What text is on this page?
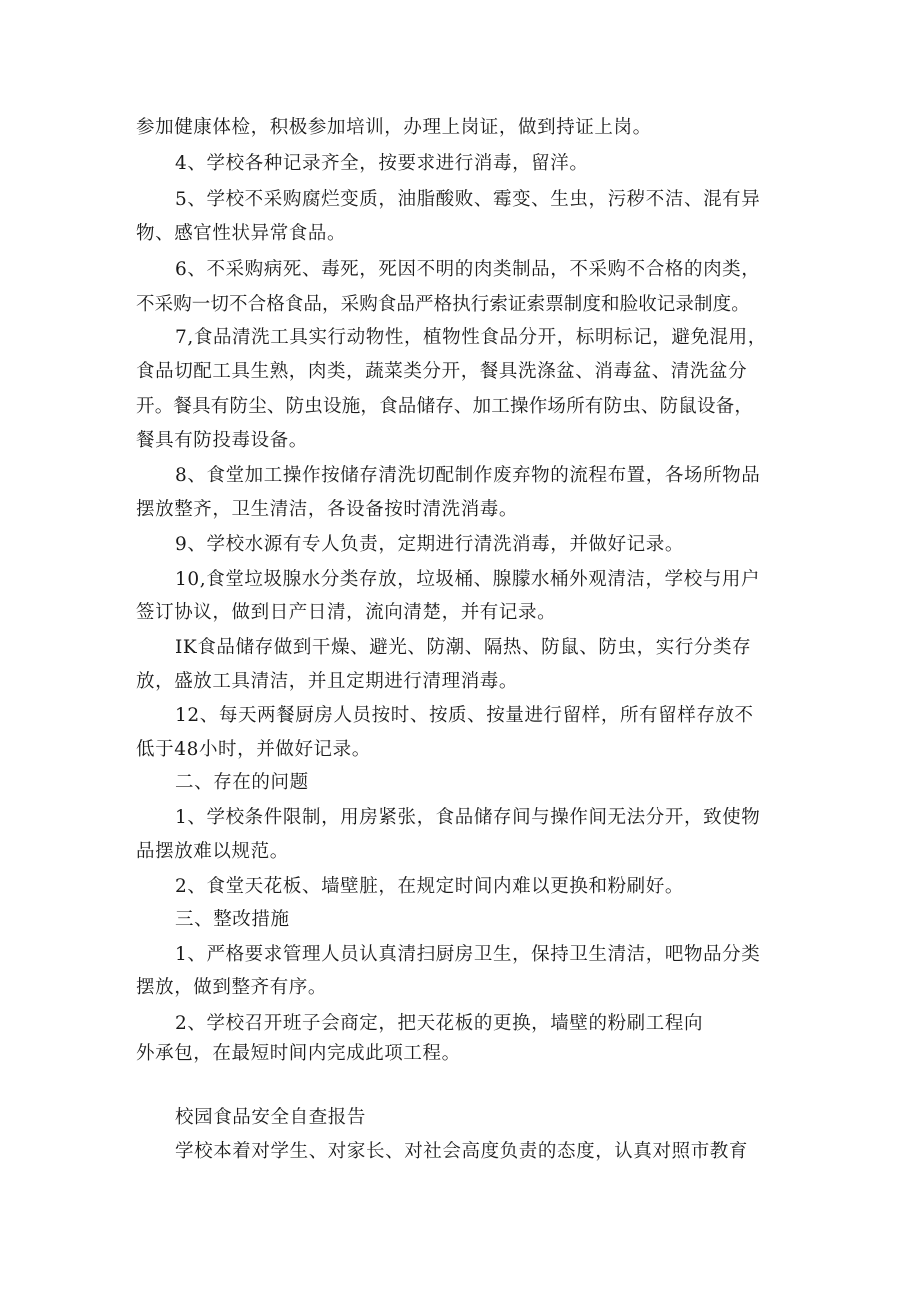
参加健康体检，积极参加培训，办理上岗证，做到持证上岗。
4、学校各种记录齐全，按要求进行消毒，留洋。
5、学校不采购腐烂变质，油脂酸败、霉变、生虫，污秽不洁、混有异
物、感官性状异常食品。
6、不采购病死、毒死，死因不明的肉类制品，不采购不合格的肉类，
不采购一切不合格食品，采购食品严格执行索证索票制度和脸收记录制度。
7,食品清洗工具实行动物性，植物性食品分开，标明标记，避免混用，
食品切配工具生熟，肉类，蔬菜类分开，餐具洗涤盆、消毒盆、清洗盆分
开。餐具有防尘、防虫设施，食品储存、加工操作场所有防虫、防鼠设备，
餐具有防投毒设备。
8、食堂加工操作按储存清洗切配制作废弃物的流程布置，各场所物品
摆放整齐，卫生清洁，各设备按时清洗消毒。
9、学校水源有专人负责，定期进行清洗消毒，并做好记录。
10,食堂垃圾腺水分类存放，垃圾桶、腺朦水桶外观清洁，学校与用户
签订协议，做到日产日清，流向清楚，并有记录。
IK食品储存做到干燥、避光、防潮、隔热、防鼠、防虫，实行分类存
放，盛放工具清洁，并且定期进行清理消毒。
12、每天两餐厨房人员按时、按质、按量进行留样，所有留样存放不
低于48小时，并做好记录。
二、存在的问题
1、学校条件限制，用房紧张，食品储存间与操作间无法分开，致使物
品摆放难以规范。
2、食堂天花板、墙壁脏，在规定时间内难以更换和粉刷好。
三、整改措施
1、严格要求管理人员认真清扫厨房卫生，保持卫生清洁，吧物品分类
摆放，做到整齐有序。
2、学校召开班子会商定，把天花板的更换，墙壁的粉刷工程向
外承包，在最短时间内完成此项工程。
校园食品安全自查报告
学校本着对学生、对家长、对社会高度负责的态度，认真对照市教育
